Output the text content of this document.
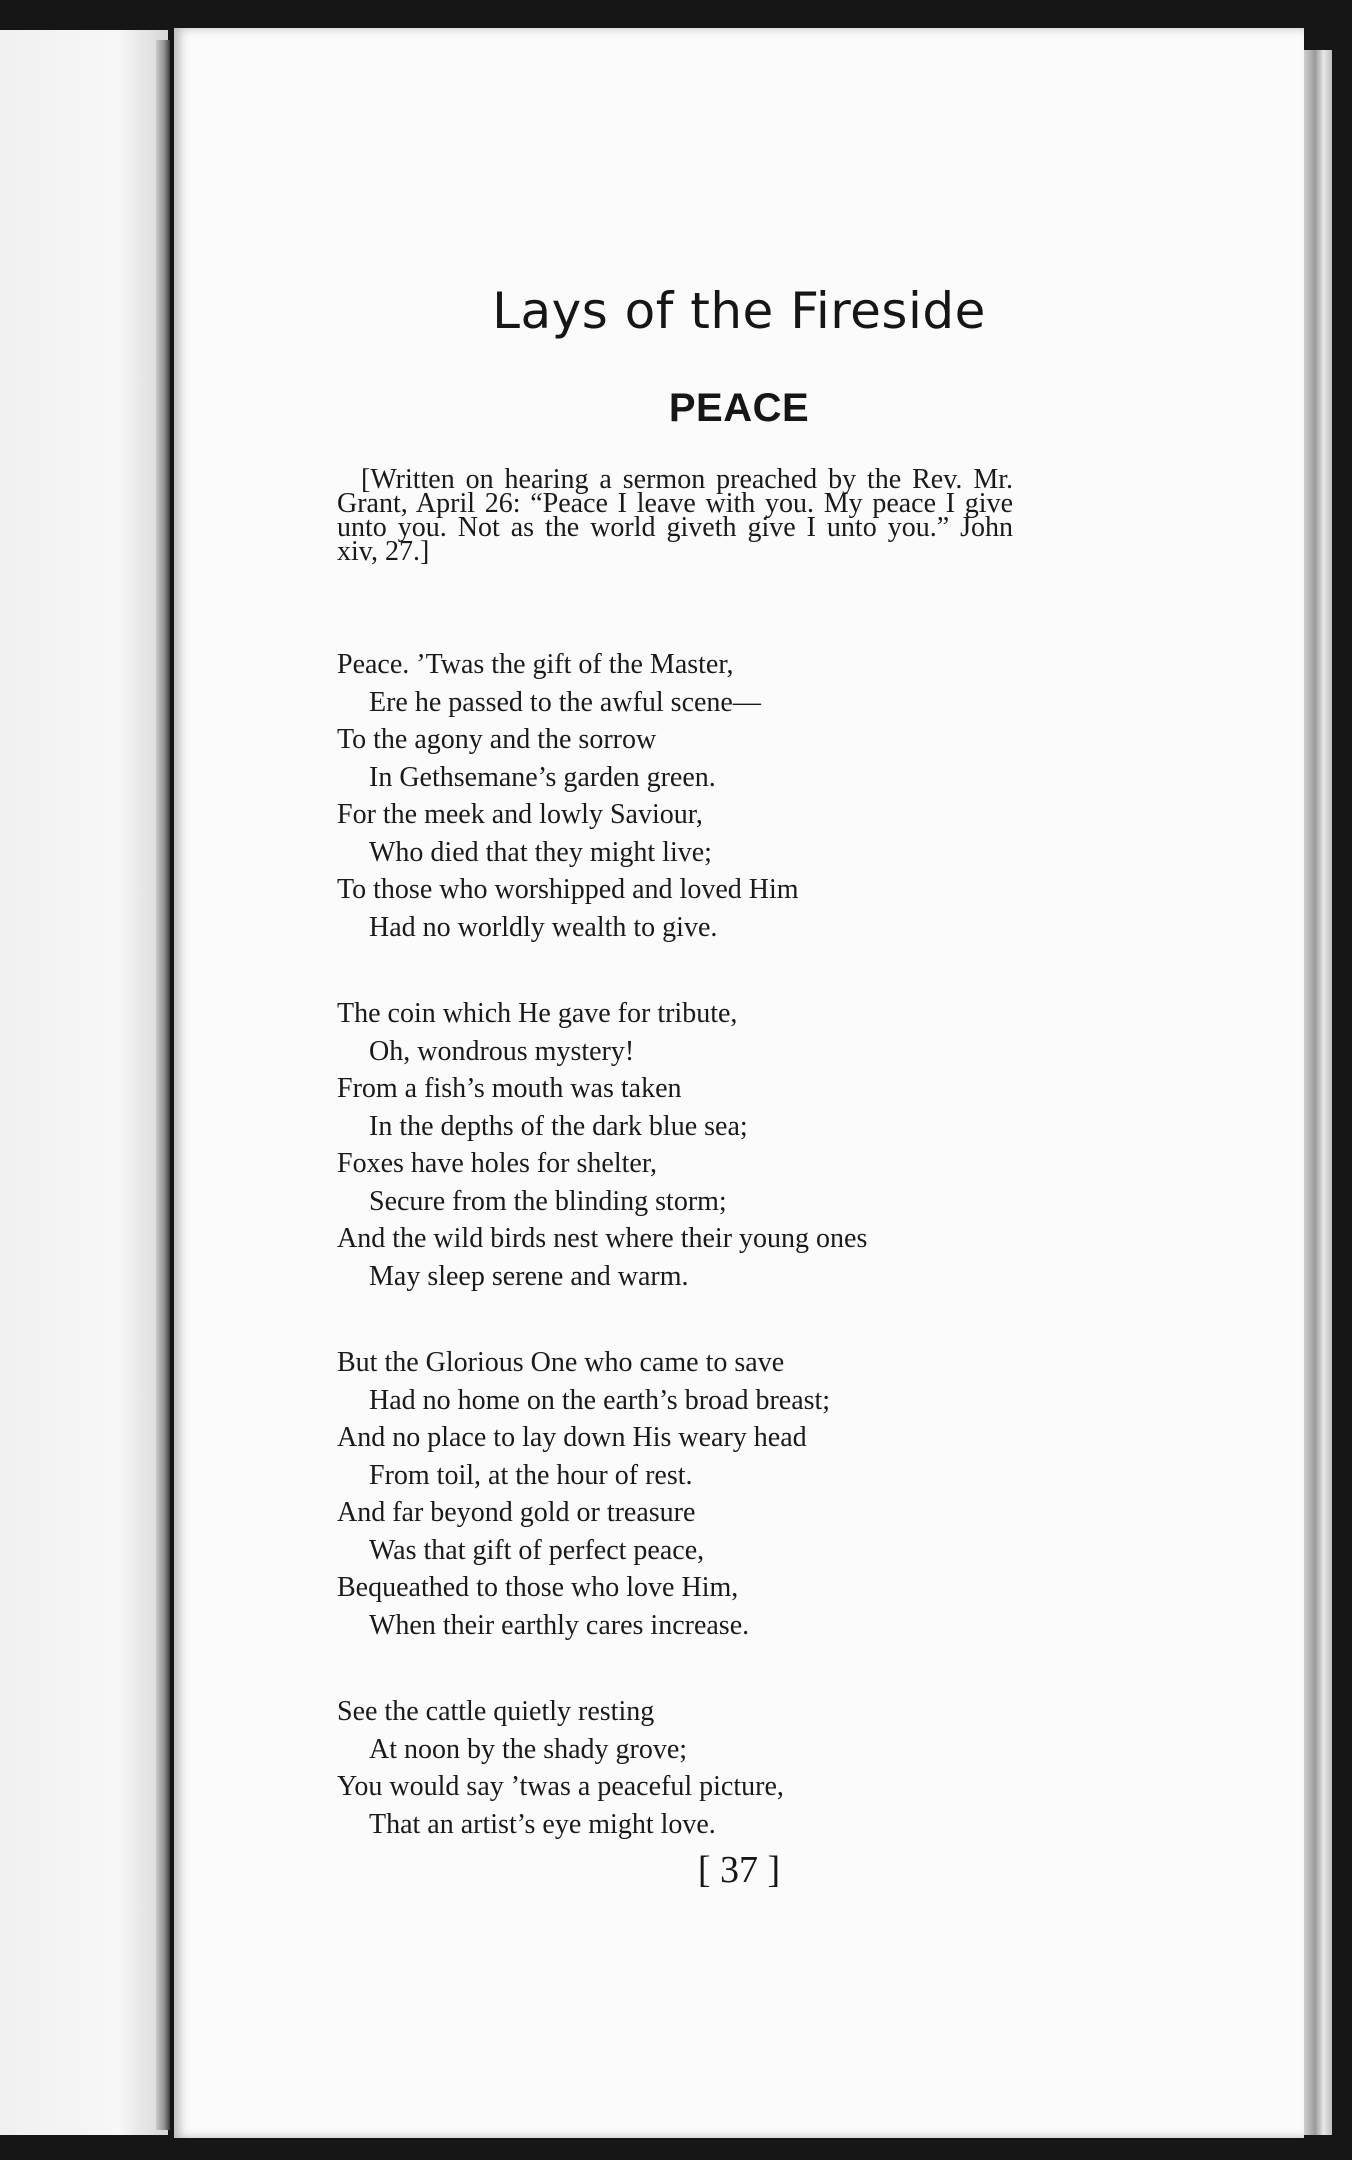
Lays of the Fireside
PEACE
[Written on hearing a sermon preached by the Rev. Mr. Grant, April 26: “Peace I leave with you. My peace I give unto you. Not as the world giveth give I unto you.” John xiv, 27.]
Peace. ’Twas the gift of the Master,
Ere he passed to the awful scene—
To the agony and the sorrow
In Gethsemane’s garden green.
For the meek and lowly Saviour,
Who died that they might live;
To those who worshipped and loved Him
Had no worldly wealth to give.
The coin which He gave for tribute,
Oh, wondrous mystery!
From a fish’s mouth was taken
In the depths of the dark blue sea;
Foxes have holes for shelter,
Secure from the blinding storm;
And the wild birds nest where their young ones
May sleep serene and warm.
But the Glorious One who came to save
Had no home on the earth’s broad breast;
And no place to lay down His weary head
From toil, at the hour of rest.
And far beyond gold or treasure
Was that gift of perfect peace,
Bequeathed to those who love Him,
When their earthly cares increase.
See the cattle quietly resting
At noon by the shady grove;
You would say ’twas a peaceful picture,
That an artist’s eye might love.
[ 37 ]
